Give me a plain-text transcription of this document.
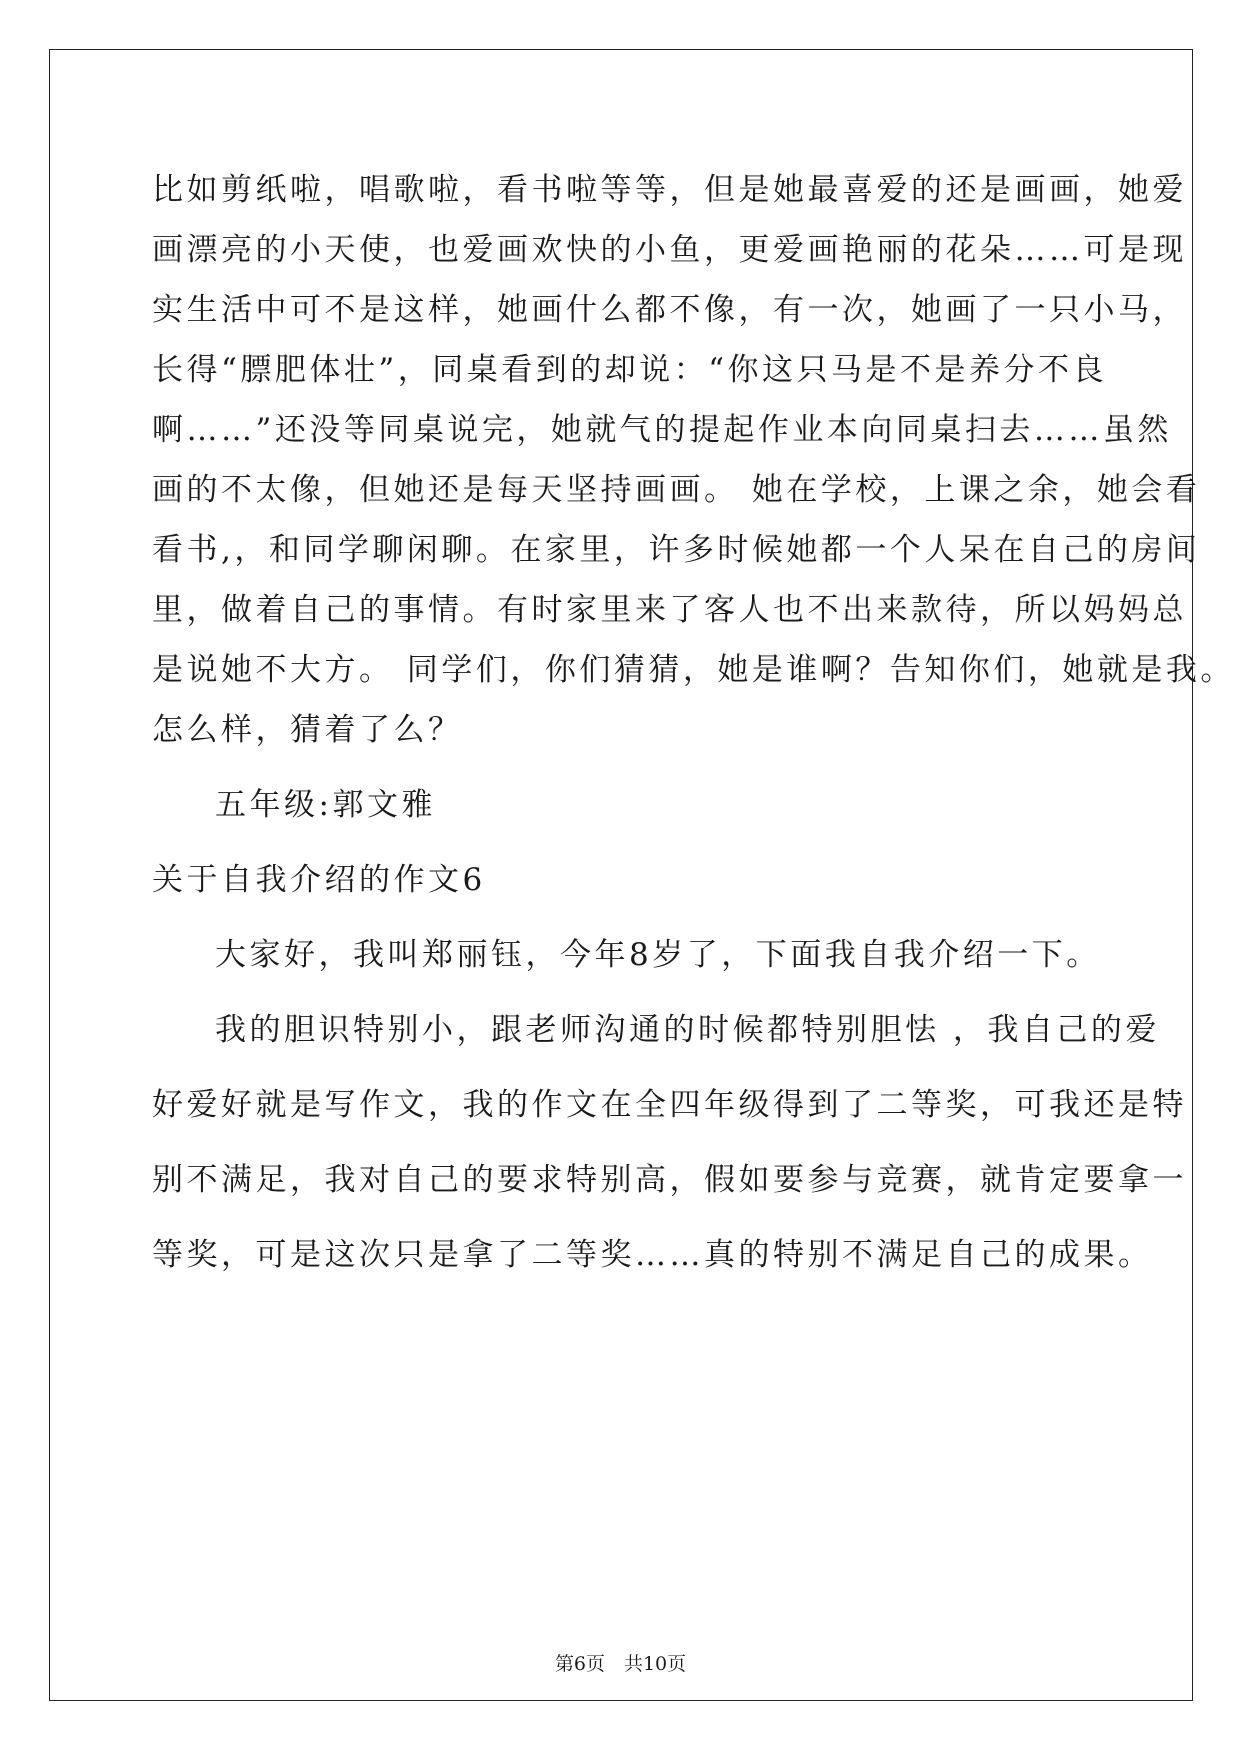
比如剪纸啦，唱歌啦，看书啦等等，但是她最喜爱的还是画画，她爱
画漂亮的小天使，也爱画欢快的小鱼，更爱画艳丽的花朵……可是现
实生活中可不是这样，她画什么都不像，有一次，她画了一只小马，
长得“膘肥体壮”，同桌看到的却说：“你这只马是不是养分不良
啊……”还没等同桌说完，她就气的提起作业本向同桌扫去……虽然
画的不太像，但她还是每天坚持画画。 她在学校，上课之余，她会看
看书,，和同学聊闲聊。在家里，许多时候她都一个人呆在自己的房间
里，做着自己的事情。有时家里来了客人也不出来款待，所以妈妈总
是说她不大方。 同学们，你们猜猜，她是谁啊？告知你们，她就是我。
怎么样，猜着了么？
五年级:郭文雅
关于自我介绍的作文6
大家好，我叫郑丽钰，今年8岁了，下面我自我介绍一下。
我的胆识特别小，跟老师沟通的时候都特别胆怯 ，我自己的爱
好爱好就是写作文，我的作文在全四年级得到了二等奖，可我还是特
别不满足，我对自己的要求特别高，假如要参与竞赛，就肯定要拿一
等奖，可是这次只是拿了二等奖……真的特别不满足自己的成果。
第6页　共10页
